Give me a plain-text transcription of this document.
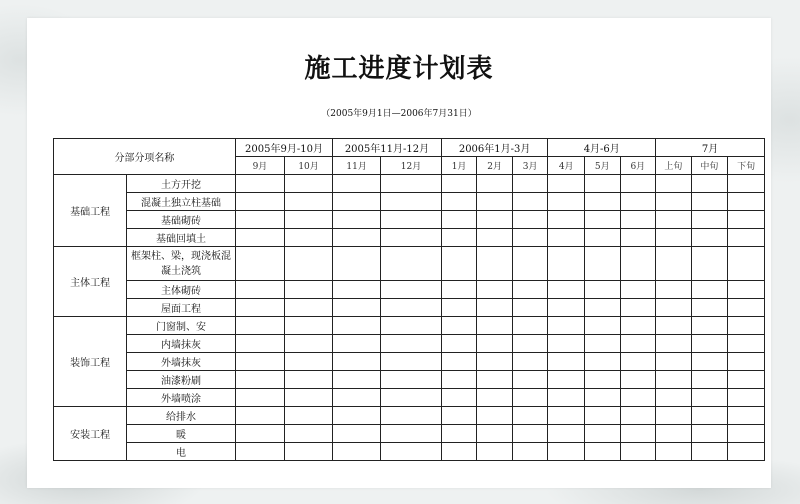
施工进度计划表
（2005年9月1日—2006年7月31日）
分部分项名称		2005年9月-10月		2005年11月-12月		2006年1月-3月			4月-6月			7月		
		9月	10月	11月	12月	1月	2月	3月	4月	5月	6月	上旬	中旬	下旬
基础工程	土方开挖													
	混凝土独立柱基础													
	基础砌砖													
	基础回填土													
主体工程	框架柱、梁，现浇板混凝土浇筑													
	主体砌砖													
	屋面工程													
装饰工程	门窗制、安													
	内墙抹灰													
	外墙抹灰													
	油漆粉刷													
	外墙喷涂													
安装工程	给排水													
	暖													
	电													
